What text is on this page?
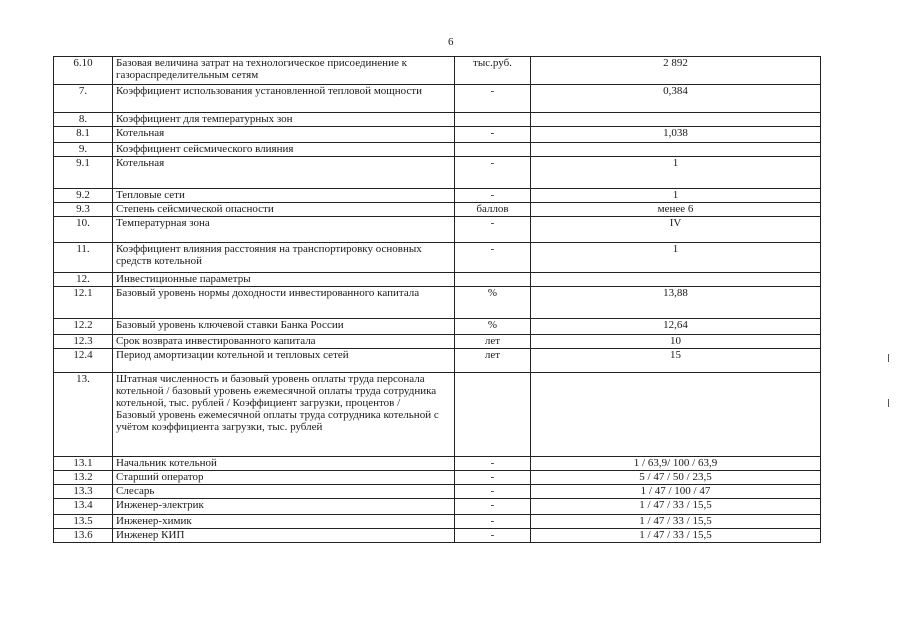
6
6.10	Базовая величина затрат на технологическое присоединение к газораспределительным сетям	тыс.руб.	2 892
7.	Коэффициент использования установленной тепловой мощности	-	0,384
8.	Коэффициент для температурных зон		
8.1	Котельная	-	1,038
9.	Коэффициент сейсмического влияния		
9.1	Котельная	-	1
9.2	Тепловые сети	-	1
9.3	Степень сейсмической опасности	баллов	менее 6
10.	Температурная зона	-	IV
11.	Коэффициент влияния расстояния на транспортировку основных средств котельной	-	1
12.	Инвестиционные параметры		
12.1	Базовый уровень нормы доходности инвестированного капитала	%	13,88
12.2	Базовый уровень ключевой ставки Банка России	%	12,64
12.3	Срок возврата инвестированного капитала	лет	10
12.4	Период амортизации котельной и тепловых сетей	лет	15
13.	Штатная численность и базовый уровень оплаты труда персонала котельной / базовый уровень ежемесячной оплаты труда сотрудника котельной, тыс. рублей / Коэффициент загрузки, процентов / Базовый уровень ежемесячной оплаты труда сотрудника котельной с учётом коэффициента загрузки, тыс. рублей		
13.1	Начальник котельной	-	1 / 63,9/ 100 / 63,9
13.2	Старший оператор	-	5 / 47 / 50 / 23,5
13.3	Слесарь	-	1 / 47 / 100 / 47
13.4	Инженер-электрик	-	1 / 47 / 33 / 15,5
13.5	Инженер-химик	-	1 / 47 / 33 / 15,5
13.6	Инженер КИП	-	1 / 47 / 33 / 15,5
